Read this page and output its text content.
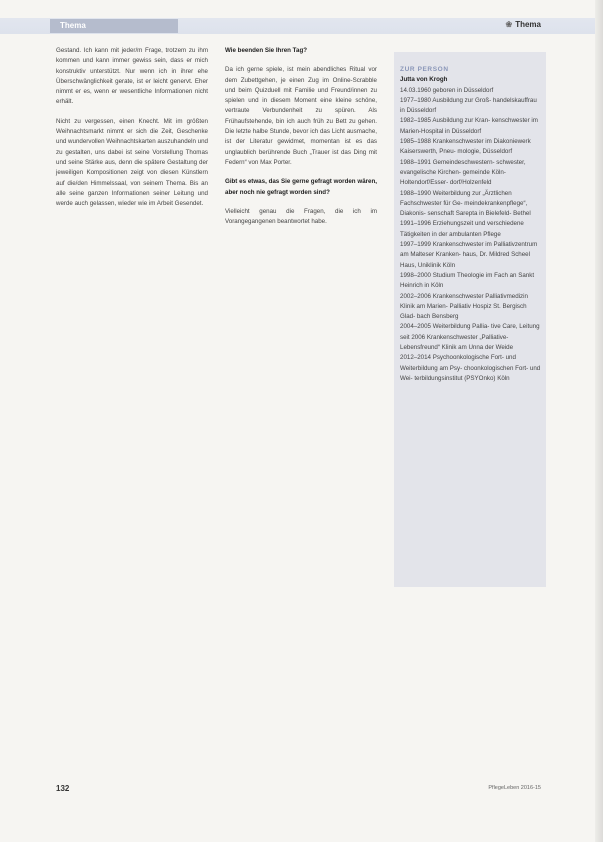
Thema	❀ Thema

Gestand. Ich kann mit jeder/m Frage, trotzem zu ihm kommen und kann immer gewiss sein, dass er mich konstruktiv unterstützt. Nur wenn ich in ihrer ehe Überschwänglichkeit gerate, ist er leicht genervt. Eher nimmt er es, wenn er wesentliche Informationen nicht erhält.

Nicht zu vergessen, einen Knecht. Mit im größten Weihnachtsmarkt nimmt er sich die Zeit, Geschenke und wundervollen Weihnachtskarten auszuhandeln und zu gestalten, uns dabei ist seine Vorstellung Thomas und seine Stärke aus, denn die spätere Gestaltung der jeweiligen Kompositionen zeigt von diesen Künstlern auf die/den Himmelssaal, von seinem Thema. Bis an alle seine ganzen Informationen seiner Leitung und werde auch gelassen, wieder wie im Arbeit Gesendet.

Wie beenden Sie Ihren Tag?

Da ich gerne spiele, ist mein abendliches Ritual vor dem Zubettgehen, je einen Zug im Online-Scrabble und beim Quizduell mit Familie und Freund/innen zu spielen und in diesem Moment eine kleine schöne, vertraute Verbundenheit zu spüren. Als Frühaufstehende, bin ich auch früh zu Bett zu gehen. Die letzte halbe Stunde, bevor ich das Licht ausmache, ist der Literatur gewidmet, momentan ist es das unglaublich berührende Buch „Trauer ist das Ding mit Federn“ von Max Porter.

Gibt es etwas, das Sie gerne gefragt worden wären, aber noch nie gefragt worden sind?

Vielleicht genau die Fragen, die ich im Vorangegangenen beantwortet habe.

ZUR PERSON
Jutta von Krogh

14.03.1960 geboren in Düsseldorf

1977–1980 Ausbildung zur Groß- handelskauffrau in Düsseldorf

1982–1985 Ausbildung zur Kran- kenschwester im Marien-Hospital in Düsseldorf

1985–1988 Krankenschwester im Diakoniewerk Kaiserswerth, Pneu- mologie, Düsseldorf

1988–1991 Gemeindeschwestern- schwester, evangelische Kirchen- gemeinde Köln-Holtendorf/Esser- dorf/Holzenfeld

1988–1990 Weiterbildung zur „Ärztlichen Fachschwester für Ge- meindekrankenpflege“, Diakonis- senschaft Sarepta in Bielefeld- Bethel

1991–1996 Erziehungszeit und verschiedene Tätigkeiten in der ambulanten Pflege

1997–1999 Krankenschwester im Palliativzentrum am Malteser Kranken- haus, Dr. Mildred Scheel Haus, Uniklinik Köln

1998–2000 Studium Theologie im Fach an Sankt Heinrich in Köln

2002–2006 Krankenschwester Palliativmedizin Klinik am Marien- Palliativ Hospiz St. Bergisch Glad- bach Bensberg

2004–2005 Weiterbildung Pallia- tive Care, Leitung

seit 2006 Krankenschwester „Palliative-Lebensfreund“ Klinik am Unna der Weide

2012–2014 Psychoonkologische Fort- und Weiterbildung am Psy- choonkologischen Fort- und Wei- terbildungsinstitut (PSYOnko) Köln

132	PflegeLeben 2016-15
